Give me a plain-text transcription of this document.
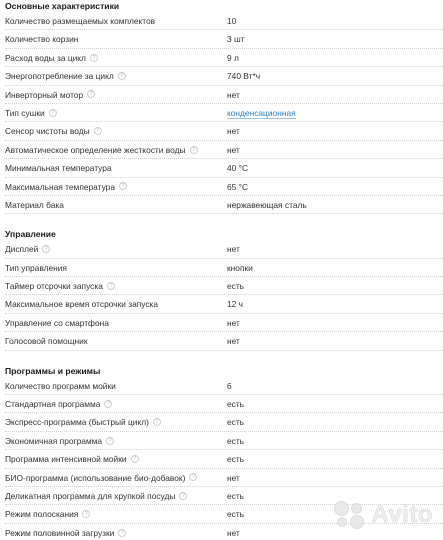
Основные характеристики
Количество размещаемых комплектов	10
Количество корзин	3 шт
Расход воды за цикл ?	9 л
Энергопотребление за цикл ?	740 Вт*ч
Инверторный мотор ?	нет
Тип сушки ?	конденсационная
Сенсор чистоты воды ?	нет
Автоматическое определение жесткости воды ?	нет
Минимальная температура	40 °C
Максимальная температура ?	65 °C
Материал бака	нержавеющая сталь
Управление
Дисплей ?	нет
Тип управления	кнопки
Таймер отсрочки запуска ?	есть
Максимальное время отсрочки запуска	12 ч
Управление со смартфона	нет
Голосовой помощник	нет
Программы и режимы
Количество программ мойки	6
Стандартная программа ?	есть
Экспресс-программа (быстрый цикл) ?	есть
Экономичная программа ?	есть
Программа интенсивной мойки ?	есть
БИО-программа (использование био-добавок) ?	нет
Деликатная программа для хрупкой посуды ?	есть
Режим полоскания ?	есть
Режим половинной загрузки ?	нет
Avito
